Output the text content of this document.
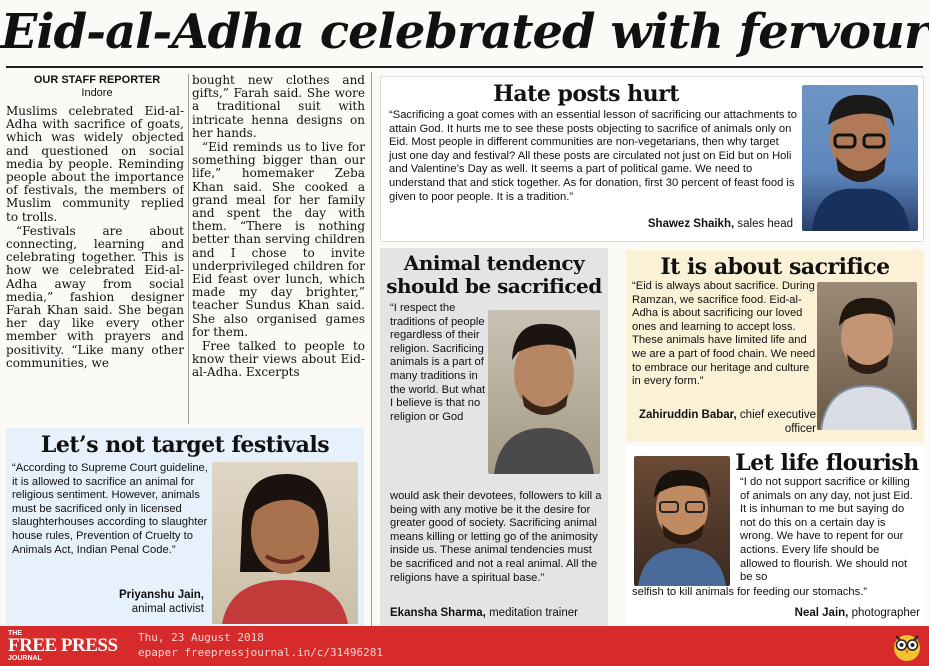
Eid-al-Adha celebrated with fervour
OUR STAFF REPORTER
Indore

Muslims celebrated Eid-al-Adha with sacrifice of goats, which was widely objected and questioned on social media by people. Reminding people about the importance of festivals, the members of Muslim community replied to trolls.

“Festivals are about connecting, learning and celebrating together. This is how we celebrated Eid-al-Adha away from social media,” fashion designer Farah Khan said. She began her day like every other member with prayers and positivity. “Like many other communities, we

bought new clothes and gifts,” Farah said. She wore a traditional suit with intricate henna designs on her hands.

“Eid reminds us to live for something bigger than our life,” homemaker Zeba Khan said. She cooked a grand meal for her family and spent the day with them. “There is nothing better than serving children and I chose to invite underprivileged children for Eid feast over lunch, which made my day brighter,” teacher Sundus Khan said. She also organised games for them.

Free talked to people to know their views about Eid-al-Adha. Excerpts

Hate posts hurt
“Sacrificing a goat comes with an essential lesson of sacrificing our attachments to attain God. It hurts me to see these posts objecting to sacrifice of animals only on Eid. Most people in different communities are non-vegetarians, then why target just one day and festival? All these posts are circulated not just on Eid but on Holi and Valentine’s Day as well. It seems a part of political game. We need to understand that and stick together. As for donation, first 30 percent of feast food is given to poor people. It is a tradition.”
Shawez Shaikh, sales head
Animal tendency should be sacrificed
“I respect the traditions of people regardless of their religion. Sacrificing animals is a part of many traditions in the world. But what I believe is that no religion or God
would ask their devotees, followers to kill a being with any motive be it the desire for greater good of society. Sacrificing animal means killing or letting go of the animosity inside us. These animal tendencies must be sacrificed and not a real animal. All the religions have a spiritual base.”
Ekansha Sharma, meditation trainer
It is about sacrifice
“Eid is always about sacrifice. During Ramzan, we sacrifice food. Eid-al-Adha is about sacrificing our loved ones and learning to accept loss. These animals have limited life and we are a part of food chain. We need to embrace our heritage and culture in every form.”
Zahiruddin Babar, chief executive officer
Let life flourish
“I do not support sacrifice or killing of animals on any day, not just Eid. It is inhuman to me but saying do not do this on a certain day is wrong. We have to repent for our actions. Every life should be allowed to flourish. We should not be so
selfish to kill animals for feeding our stomachs.”
Neal Jain, photographer
Let’s not target festivals
“According to Supreme Court guideline, it is allowed to sacrifice an animal for religious sentiment. However, animals must be sacrificed only in licensed slaughterhouses according to slaughter house rules, Prevention of Cruelty to Animals Act, Indian Penal Code.”
Priyanshu Jain,
animal activist
THE
FREE PRESS
JOURNAL
Thu, 23 August 2018
epaper freepressjournal.in/c/31496281
